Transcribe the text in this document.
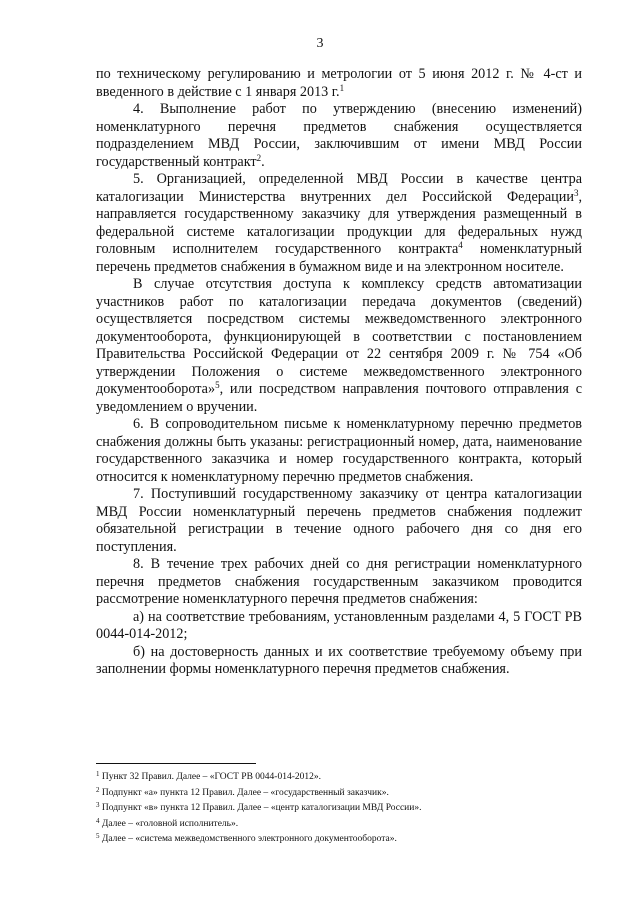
3

по техническому регулированию и метрологии от 5 июня 2012 г. № 4-ст и введенного в действие с 1 января 2013 г.$^1$

4. Выполнение работ по утверждению (внесению изменений) номенклатурного перечня предметов снабжения осуществляется подразделением МВД России, заключившим от имени МВД России государственный контракт$^2$.

5. Организацией, определенной МВД России в качестве центра каталогизации Министерства внутренних дел Российской Федерации$^3$, направляется государственному заказчику для утверждения размещенный в федеральной системе каталогизации продукции для федеральных нужд головным исполнителем государственного контракта$^4$ номенклатурный перечень предметов снабжения в бумажном виде и на электронном носителе.

В случае отсутствия доступа к комплексу средств автоматизации участников работ по каталогизации передача документов (сведений) осуществляется посредством системы межведомственного электронного документооборота, функционирующей в соответствии с постановлением Правительства Российской Федерации от 22 сентября 2009 г. № 754 «Об утверждении Положения о системе межведомственного электронного документооборота»$^5$, или посредством направления почтового отправления с уведомлением о вручении.

6. В сопроводительном письме к номенклатурному перечню предметов снабжения должны быть указаны: регистрационный номер, дата, наименование государственного заказчика и номер государственного контракта, который относится к номенклатурному перечню предметов снабжения.

7. Поступивший государственному заказчику от центра каталогизации МВД России номенклатурный перечень предметов снабжения подлежит обязательной регистрации в течение одного рабочего дня со дня его поступления.

8. В течение трех рабочих дней со дня регистрации номенклатурного перечня предметов снабжения государственным заказчиком проводится рассмотрение номенклатурного перечня предметов снабжения:

а) на соответствие требованиям, установленным разделами 4, 5 ГОСТ РВ 0044-014-2012;

б) на достоверность данных и их соответствие требуемому объему при заполнении формы номенклатурного перечня предметов снабжения.

$^1$ Пункт 32 Правил. Далее – «ГОСТ РВ 0044-014-2012».
$^2$ Подпункт «а» пункта 12 Правил. Далее – «государственный заказчик».
$^3$ Подпункт «в» пункта 12 Правил. Далее – «центр каталогизации МВД России».
$^4$ Далее – «головной исполнитель».
$^5$ Далее – «система межведомственного электронного документооборота».
